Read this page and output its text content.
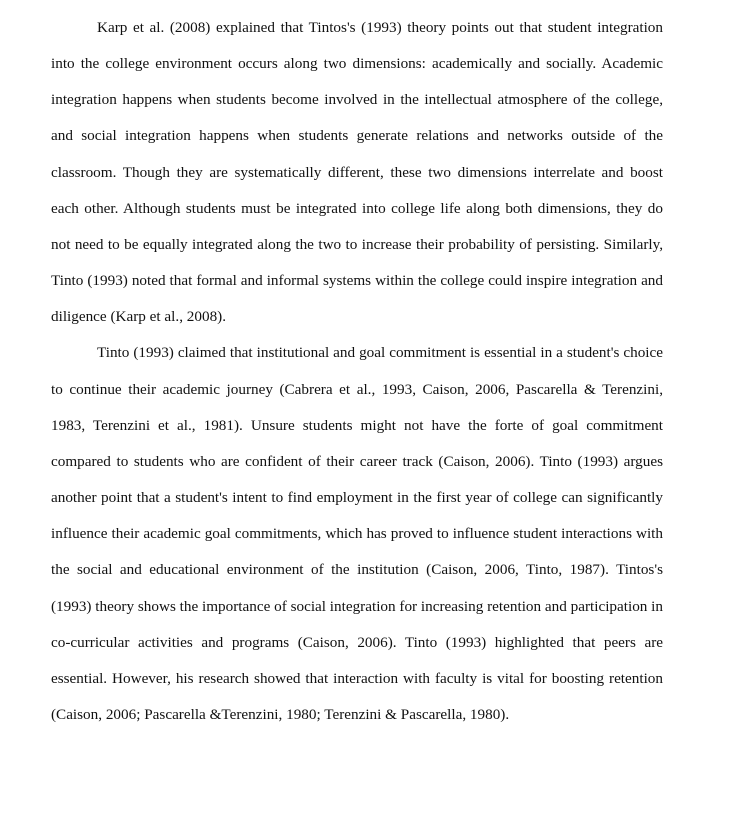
Karp et al. (2008) explained that Tintos's (1993) theory points out that student integration into the college environment occurs along two dimensions: academically and socially. Academic integration happens when students become involved in the intellectual atmosphere of the college, and social integration happens when students generate relations and networks outside of the classroom. Though they are systematically different, these two dimensions interrelate and boost each other. Although students must be integrated into college life along both dimensions, they do not need to be equally integrated along the two to increase their probability of persisting. Similarly, Tinto (1993) noted that formal and informal systems within the college could inspire integration and diligence (Karp et al., 2008).

Tinto (1993) claimed that institutional and goal commitment is essential in a student's choice to continue their academic journey (Cabrera et al., 1993, Caison, 2006, Pascarella & Terenzini, 1983, Terenzini et al., 1981). Unsure students might not have the forte of goal commitment compared to students who are confident of their career track (Caison, 2006). Tinto (1993) argues another point that a student's intent to find employment in the first year of college can significantly influence their academic goal commitments, which has proved to influence student interactions with the social and educational environment of the institution (Caison, 2006, Tinto, 1987). Tintos's (1993) theory shows the importance of social integration for increasing retention and participation in co-curricular activities and programs (Caison, 2006). Tinto (1993) highlighted that peers are essential. However, his research showed that interaction with faculty is vital for boosting retention (Caison, 2006; Pascarella &Terenzini, 1980; Terenzini & Pascarella, 1980).
